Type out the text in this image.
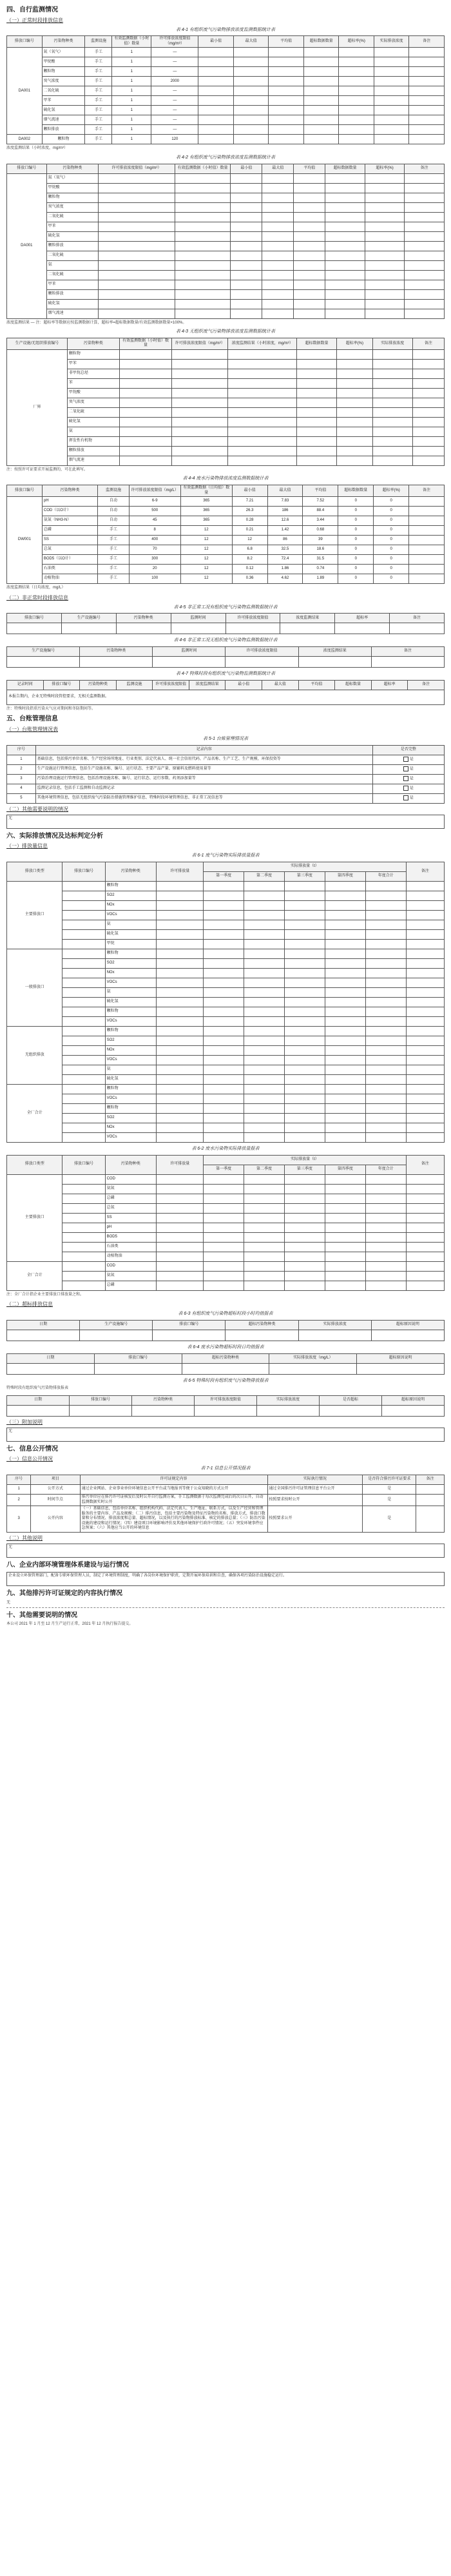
四、自行监测情况
（一）正常时段排放信息
表 4-1 有组织废气污染物排放浓度监测数据统计表
排放口编号	污染物种类	监测设施	有效监测数据（小时值）数量	许可排放浓度限值（mg/m³）	最小值	最大值	平均值	超标数据数量	超标率(%)	实际排放浓度	备注
DA001	氮（氧气）	手工	1	—							
	甲烷酸	手工	1	—							
	颗粒物	手工	1	—							
	臭气浓度	手工	1	2000							
	二氧化硫	手工	1	—							
	甲苯	手工	1	—							
	硫化氢	手工	1	—							
	烟气流速	手工	1	—							
	颗粒排放	手工	1	—							
DA002	颗粒物	手工	1	120							
浓度监测结果（小时浓度，mg/m³）
表 4-2 有组织废气污染物排放浓度监测数据统计表
排放口编号	污染物种类	许可排放浓度限值（mg/m³）	有效监测数据（小时值）数量	最小值	最大值	平均值	超标数据数量	超标率(%)	备注
DA001	氮（氧气）								
	甲烷酸								
	颗粒物								
	臭气浓度								
	二氧化硫								
	甲苯								
	硫化氢								
	颗粒排放								
	二氧化硫								
	氨								
	二氧化硫								
	甲苯								
	颗粒排放								
	硫化氢								
	烟气流速								
浓度监测结果 — 注：超标率等数据应按监测数据计算，超标率=超标数据数量/有效监测数据数量×100%。
表 4-3 无组织废气污染物排放浓度监测数据统计表
生产设施/无组织排放编号	污染物种类	有效监测数据（小时值）数量	许可排放浓度限值（mg/m³）	浓度监测结果（小时浓度，mg/m³）	超标数据数量	超标率(%)	实际排放浓度	备注
厂界	颗粒物							
	甲苯							
	非甲烷总烃							
	苯							
	甲烷酸							
	臭气浓度							
	二氧化硫							
	硫化氢							
	氨							
	挥发性有机物							
	颗粒排放							
	烟气流速							
注：按照许可证要求开展监测的，可在此填写。
表 4-4 废水污染物排放浓度监测数据统计表
排放口编号	污染物种类	监测设施	许可排放浓度限值（mg/L）	有效监测数据（日均值）数量	最小值	最大值	平均值	超标数据数量	超标率(%)	备注
DW001	pH	自动	6-9	365	7.21	7.83	7.52	0	0	
	COD（以O计）	自动	500	365	26.3	186	88.4	0	0	
	氨氮（NH3-N）	自动	45	365	0.28	12.6	3.44	0	0	
	总磷	手工	8	12	0.21	1.42	0.68	0	0	
	SS	手工	400	12	12	86	39	0	0	
	总氮	手工	70	12	6.8	32.5	18.6	0	0	
	BOD5（以O计）	手工	300	12	8.2	72.4	31.5	0	0	
	石油类	手工	20	12	0.12	1.86	0.74	0	0	
	动植物油	手工	100	12	0.36	4.62	1.89	0	0	
浓度监测结果（日均浓度，mg/L）
（二）非正常时段排放信息
表 4-5 非正常工况有组织废气污染物监测数据统计表
排放口编号	生产设施编号	污染物种类	监测时间	许可排放浓度限值	浓度监测结果	超标率	备注

表 4-6 非正常工况无组织废气污染物监测数据统计表
生产设施编号	污染物种类	监测时间	许可排放浓度限值	浓度监测结果	备注

表 4-7 特殊时段有组织废气污染物监测数据统计表
记录时间	排放口编号	污染物种类	监测设施	许可排放浓度限值	浓度监测结果	最小值	最大值	平均值	超标数量	超标率	备注
本报告期内，企业无特殊时段管控要求，无相关监测数据。
注：特殊时段指重污染天气应对期间和冬防期间等。
五、台账管理信息
（一）台账管理情况表
表 5-1 台账管理情况表
序号	记录内容	是否完整
1	基础信息，包括排污单位名称、生产经营场所地址、行业类别、法定代表人、统一社会信用代码、产品名称、生产工艺、生产规模、环保投资等	是
2	生产设施运行管理信息，包括生产设施名称、编号、运行状态、主要产品产量、原辅料及燃料使用量等	是
3	污染治理设施运行管理信息，包括治理设施名称、编号、运行状态、运行参数、药剂添加量等	是
4	监测记录信息，包括手工监测和自动监测记录	是
5	其他环境管理信息，包括无组织废气污染防治措施管理维护信息、特殊时段环境管理信息、非正常工况信息等	是
（二）其他需要说明的情况
无
六、实际排放情况及达标判定分析
（一）排放量信息
表 6-1 废气污染物实际排放量报表
排放口类型	排放口编号	污染物种类	许可排放量	实际排放量（t）					备注
				第一季度	第二季度	第三季度	第四季度	年度合计	
主要排放口		颗粒物							
		SO2							
		NOx							
		VOCs							
		氨							
		硫化氢							
		甲烷							
一般排放口		颗粒物							
		SO2							
		NOx							
		VOCs							
		氨							
		硫化氢							
		颗粒物							
		VOCs							
无组织排放		颗粒物							
		SO2							
		NOx							
		VOCs							
		氨							
		硫化氢							
全厂合计		颗粒物							
		VOCs							
		颗粒物							
		SO2							
		NOx							
		VOCs							
表 6-2 废水污染物实际排放量报表
排放口类型	排放口编号	污染物种类	许可排放量	实际排放量（t）					备注
				第一季度	第二季度	第三季度	第四季度	年度合计	
主要排放口		COD							
		氨氮							
		总磷							
		总氮							
		SS							
		pH							
		BOD5							
		石油类							
		动植物油							
全厂合计		COD							
		氨氮							
		总磷							
注：全厂合计指企业主要排放口排放量之和。
（二）超标排放信息
表 6-3 有组织废气污染物超标时段小时均值报表
日期	生产设施编号	排放口编号	超标污染物种类	实际排放浓度	超标原因说明

表 6-4 废水污染物超标时段日均值报表
日期	排放口编号	超标污染物种类	实际排放浓度（mg/L）	超标原因说明

表 6-5 特殊时段有组织废气污染物排放报表
特殊时段有组织废气污染物排放报表
日期	排放口编号	污染物种类	许可排放浓度限值	实际排放浓度	是否超标	超标原因说明

（三）附加说明
无
七、信息公开情况
（一）信息公开情况
表 7-1 信息公开情况报表
序号	项目	许可证规定内容	实际执行情况	是否符合排污许可证要求	备注
1	公开方式	通过企业网站、企业事业单位环境信息公开平台或当地报刊等便于公众知晓的方式公开	通过全国排污许可证管理信息平台公开	是	
2	时间节点	排污单位应在排污许可证核发后及时公开自行监测方案，手工监测数据于每次监测完成后的次日公开，自动监测数据实时公开	按照要求按时公开	是	
3	公开内容	（一）基础信息，包括单位名称、组织机构代码、法定代表人、生产地址、联系方式，以及生产经营和管理服务的主要内容、产品及规模；（二）排污信息，包括主要污染物及特征污染物的名称、排放方式、排放口数量和分布情况、排放浓度和总量、超标情况，以及执行的污染物排放标准、核定的排放总量；（三）防治污染设施的建设和运行情况；（四）建设项目环境影响评价及其他环境保护行政许可情况；（五）突发环境事件应急预案；（六）其他应当公开的环境信息	按照要求公开	是	
（二）其他说明
无
八、企业内部环境管理体系建设与运行情况
企业设立环保管理部门，配备专职环保管理人员，制定了环境管理制度，明确了各岗位环境保护职责，定期开展环保培训和自查，确保各项污染防治设施稳定运行。
九、其他排污许可证规定的内容执行情况
无
十、其他需要说明的情况
本公司 2021 年 1 月至 12 月生产运行正常，2021 年 12 月执行报告提交。
